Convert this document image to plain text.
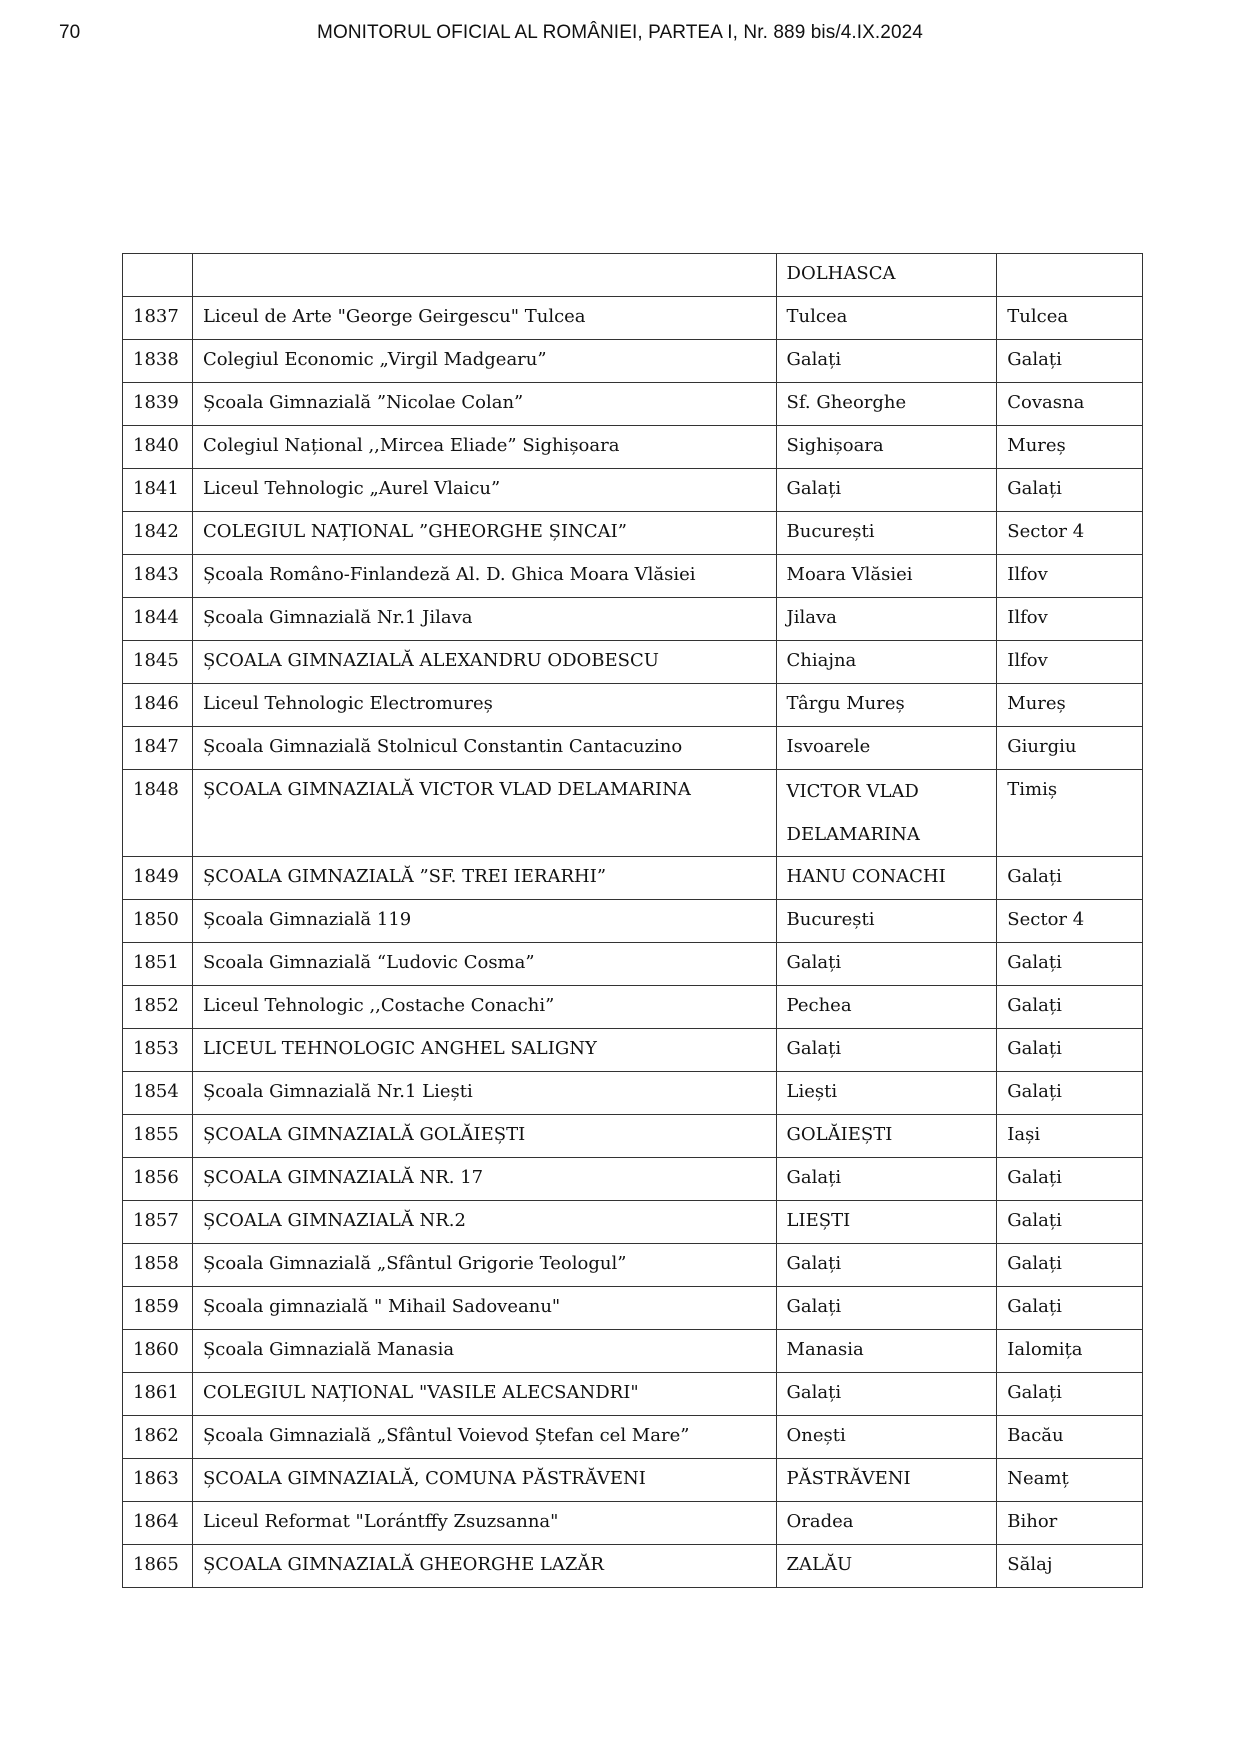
70	MONITORUL OFICIAL AL ROMÂNIEI, PARTEA I, Nr. 889 bis/4.IX.2024
		DOLHASCA	
1837	Liceul de Arte "George Geirgescu" Tulcea	Tulcea	Tulcea
1838	Colegiul Economic „Virgil Madgearu”	Galați	Galați
1839	Școala Gimnazială ”Nicolae Colan”	Sf. Gheorghe	Covasna
1840	Colegiul Național ,,Mircea Eliade” Sighișoara	Sighișoara	Mureș
1841	Liceul Tehnologic „Aurel Vlaicu”	Galați	Galați
1842	COLEGIUL NAȚIONAL ”GHEORGHE ȘINCAI”	București	Sector 4
1843	Școala Româno-Finlandeză Al. D. Ghica Moara Vlăsiei	Moara Vlăsiei	Ilfov
1844	Școala Gimnazială Nr.1 Jilava	Jilava	Ilfov
1845	ȘCOALA GIMNAZIALĂ ALEXANDRU ODOBESCU	Chiajna	Ilfov
1846	Liceul Tehnologic Electromureș	Târgu Mureș	Mureș
1847	Școala Gimnazială Stolnicul Constantin Cantacuzino	Isvoarele	Giurgiu
1848	ȘCOALA GIMNAZIALĂ VICTOR VLAD DELAMARINA	VICTOR VLAD DELAMARINA	Timiș
1849	ȘCOALA GIMNAZIALĂ ”SF. TREI IERARHI”	HANU CONACHI	Galați
1850	Școala Gimnazială 119	București	Sector 4
1851	Scoala Gimnazială “Ludovic Cosma”	Galați	Galați
1852	Liceul Tehnologic ,,Costache Conachi”	Pechea	Galați
1853	LICEUL TEHNOLOGIC ANGHEL SALIGNY	Galați	Galați
1854	Școala Gimnazială Nr.1 Liești	Liești	Galați
1855	ȘCOALA GIMNAZIALĂ GOLĂIEȘTI	GOLĂIEȘTI	Iași
1856	ȘCOALA GIMNAZIALĂ NR. 17	Galați	Galați
1857	ȘCOALA GIMNAZIALĂ NR.2	LIEȘTI	Galați
1858	Școala Gimnazială „Sfântul Grigorie Teologul”	Galați	Galați
1859	Școala gimnazială " Mihail Sadoveanu"	Galați	Galați
1860	Școala Gimnazială Manasia	Manasia	Ialomița
1861	COLEGIUL NAȚIONAL "VASILE ALECSANDRI"	Galați	Galați
1862	Școala Gimnazială „Sfântul Voievod Ștefan cel Mare”	Onești	Bacău
1863	ȘCOALA GIMNAZIALĂ, COMUNA PĂSTRĂVENI	PĂSTRĂVENI	Neamț
1864	Liceul Reformat "Lorántffy Zsuzsanna"	Oradea	Bihor
1865	ȘCOALA GIMNAZIALĂ GHEORGHE LAZĂR	ZALĂU	Sălaj
